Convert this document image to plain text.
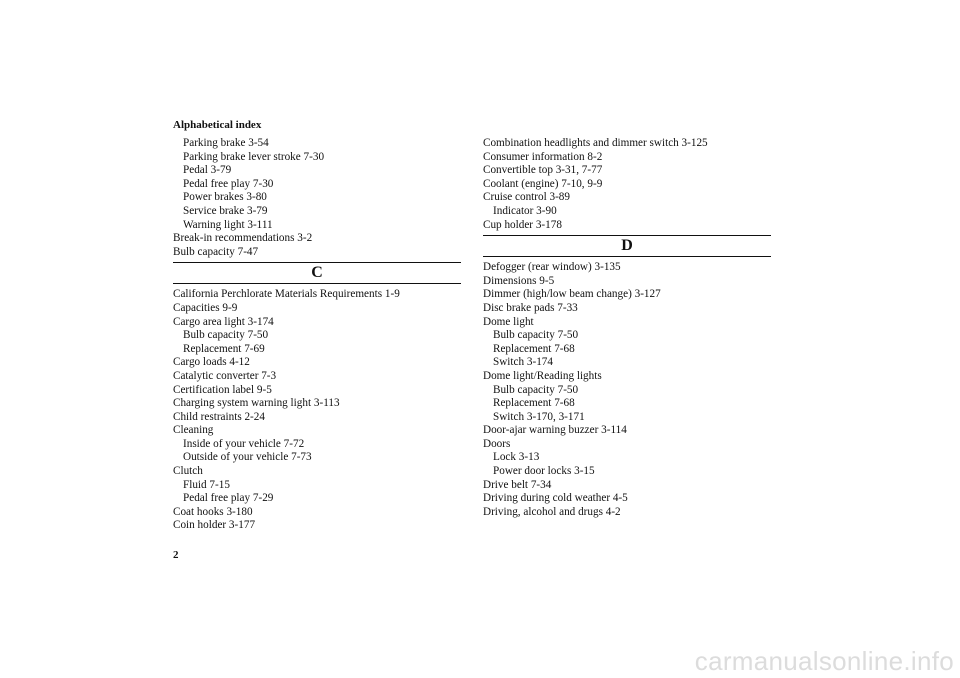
Alphabetical index
Parking brake 3-54
Parking brake lever stroke 7-30
Pedal 3-79
Pedal free play 7-30
Power brakes 3-80
Service brake 3-79
Warning light 3-111
Break-in recommendations 3-2
Bulb capacity 7-47
C
California Perchlorate Materials Requirements 1-9
Capacities 9-9
Cargo area light 3-174
Bulb capacity 7-50
Replacement 7-69
Cargo loads 4-12
Catalytic converter 7-3
Certification label 9-5
Charging system warning light 3-113
Child restraints 2-24
Cleaning
Inside of your vehicle 7-72
Outside of your vehicle 7-73
Clutch
Fluid 7-15
Pedal free play 7-29
Coat hooks 3-180
Coin holder 3-177
Combination headlights and dimmer switch 3-125
Consumer information 8-2
Convertible top 3-31, 7-77
Coolant (engine) 7-10, 9-9
Cruise control 3-89
Indicator 3-90
Cup holder 3-178
D
Defogger (rear window) 3-135
Dimensions 9-5
Dimmer (high/low beam change) 3-127
Disc brake pads 7-33
Dome light
Bulb capacity 7-50
Replacement 7-68
Switch 3-174
Dome light/Reading lights
Bulb capacity 7-50
Replacement 7-68
Switch 3-170, 3-171
Door-ajar warning buzzer 3-114
Doors
Lock 3-13
Power door locks 3-15
Drive belt 7-34
Driving during cold weather 4-5
Driving, alcohol and drugs 4-2
2
carmanualsonline.info
